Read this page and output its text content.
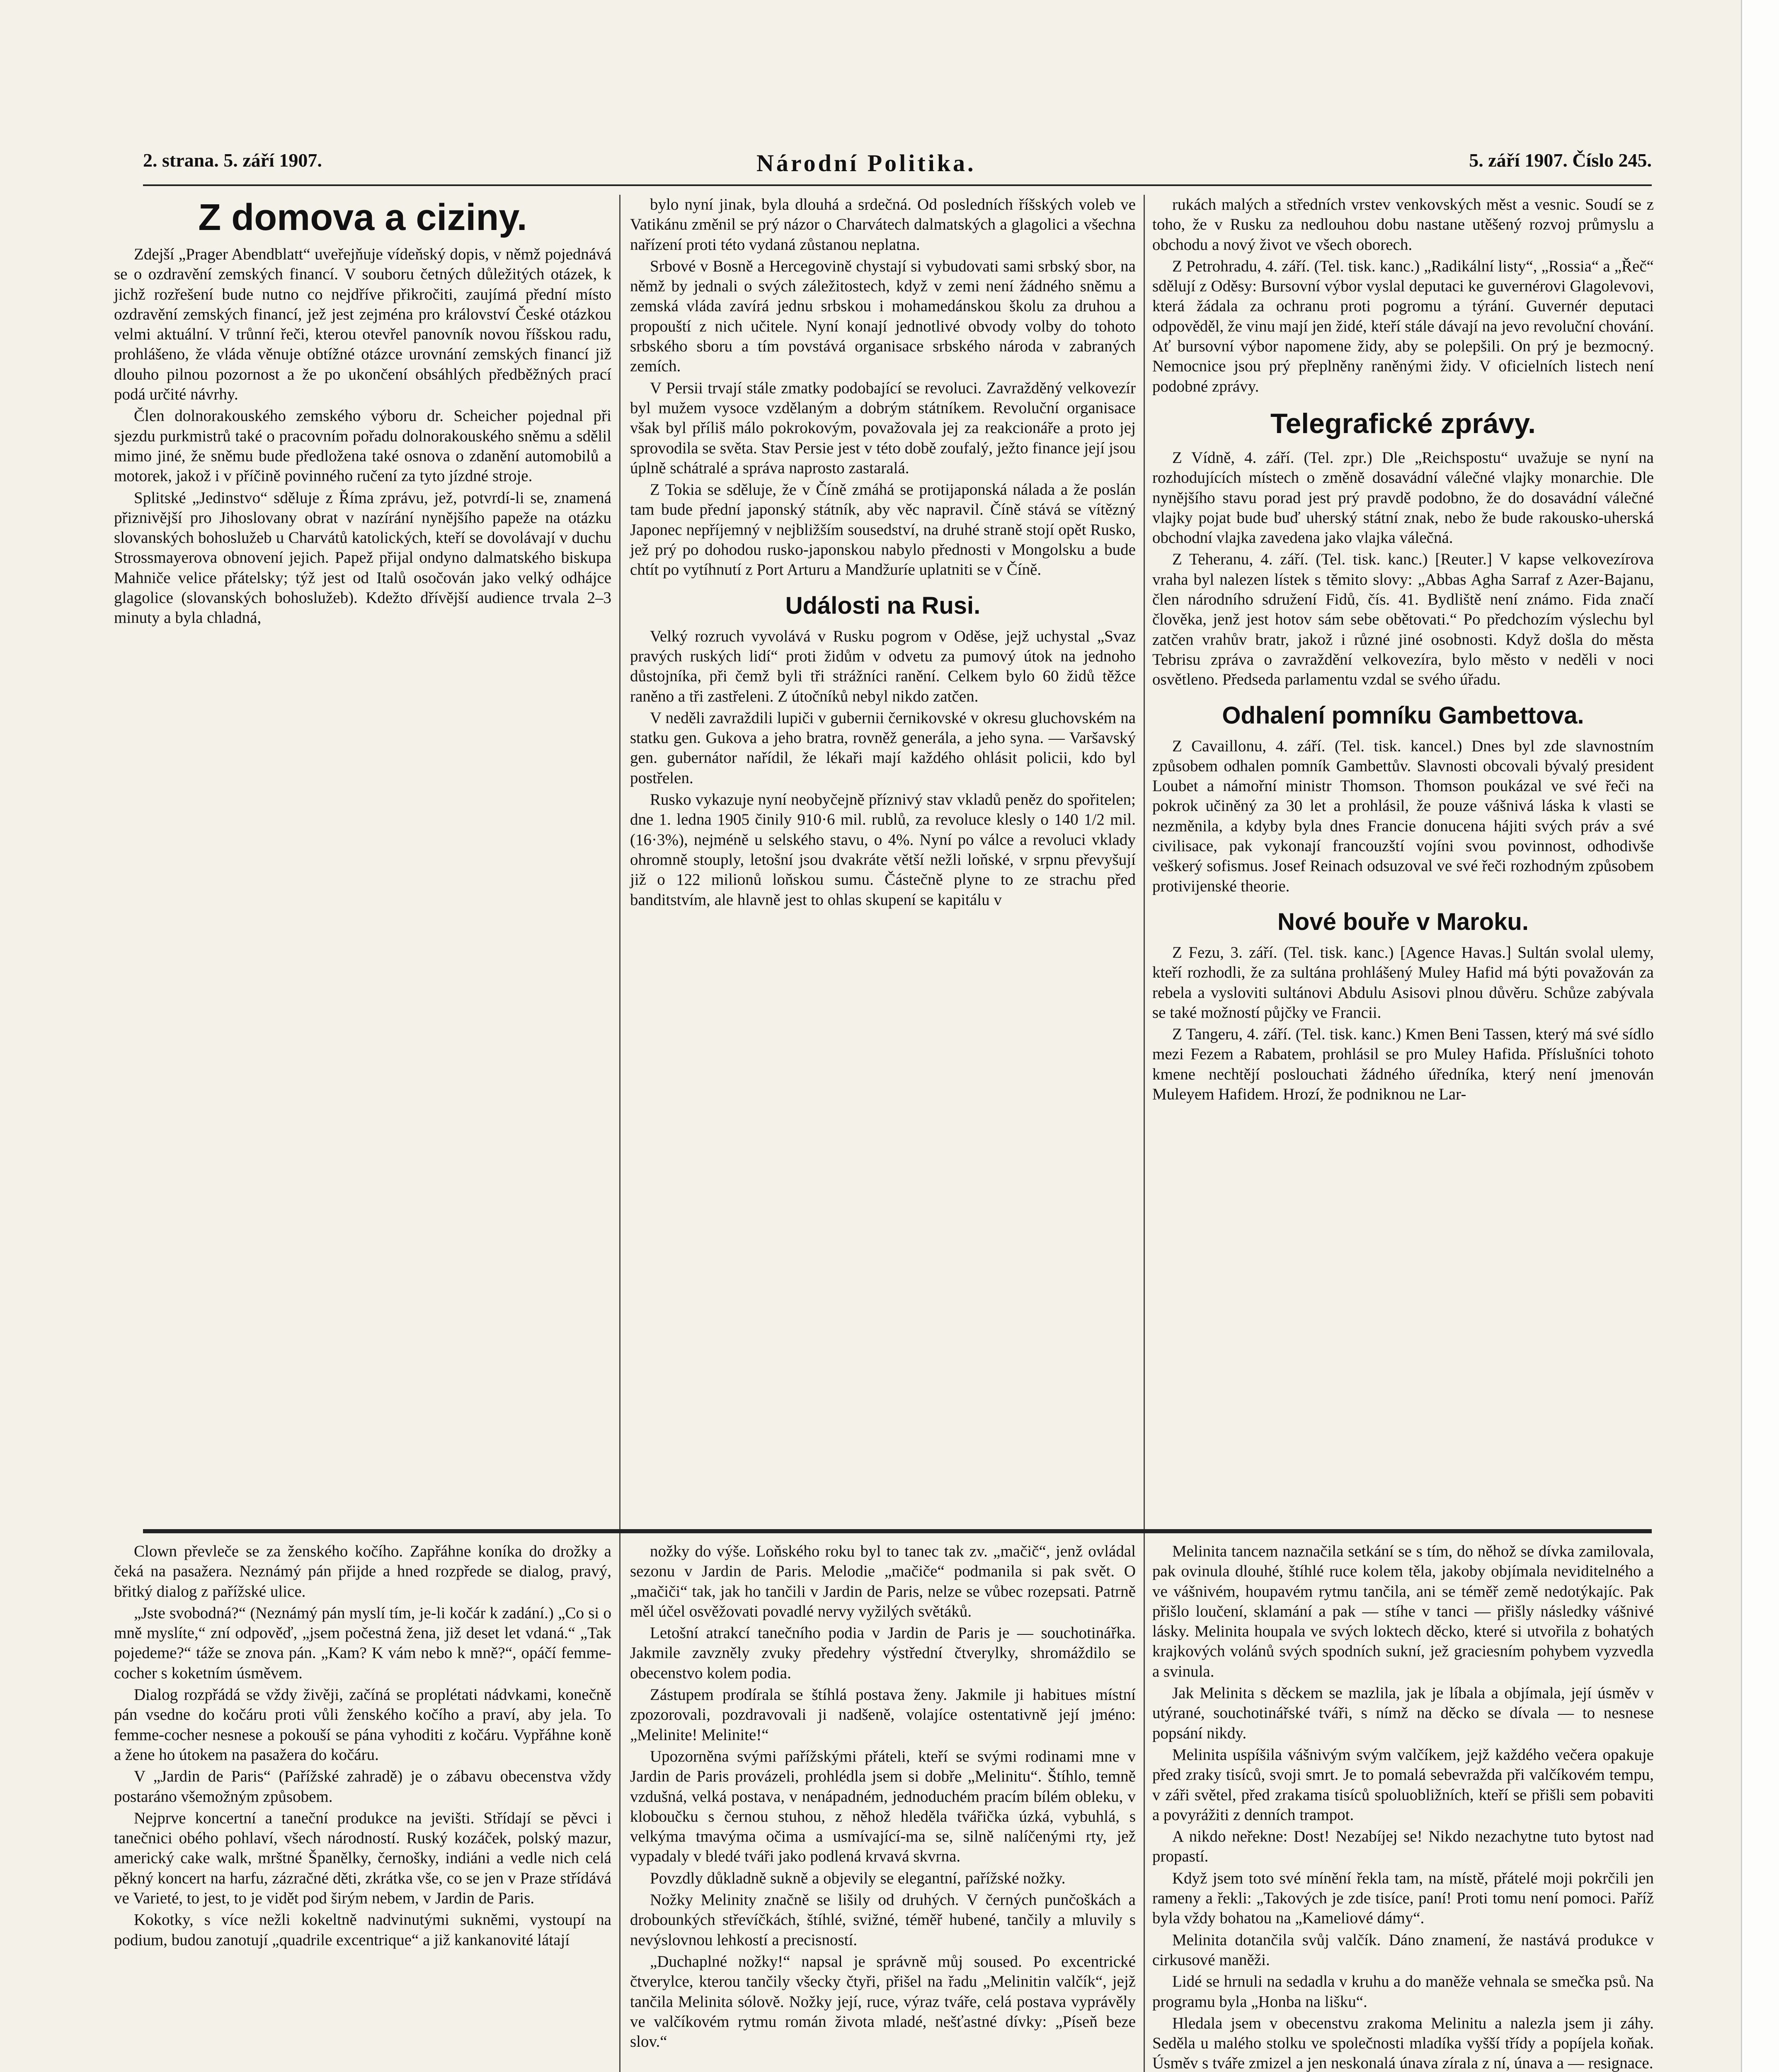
2. strana. 5. září 1907.	Národní Politika.	5. září 1907. Číslo 245.
Z domova a ciziny.

Zdejší „Prager Abendblatt“ uveřejňuje vídeňský dopis, v němž pojednává se o ozdravění zemských financí. V souboru četných důležitých otázek, k jichž rozřešení bude nutno co nejdříve přikročiti, zaujímá přední místo ozdravění zemských financí, jež jest zejména pro království České otázkou velmi aktuální. V trůnní řeči, kterou otevřel panovník novou říšskou radu, prohlášeno, že vláda věnuje obtížné otázce urovnání zemských financí již dlouho pilnou pozornost a že po ukončení obsáhlých předběžných prací podá určité návrhy.

Člen dolnorakouského zemského výboru dr. Scheicher pojednal při sjezdu purkmistrů také o pracovním pořadu dolnorakouského sněmu a sdělil mimo jiné, že sněmu bude předložena také osnova o zdanění automobilů a motorek, jakož i v příčině povinného ručení za tyto jízdné stroje.

Splitské „Jedinstvo“ sděluje z Říma zprávu, jež, potvrdí-li se, znamená přiznivější pro Jihoslovany obrat v nazírání nynějšího papeže na otázku slovanských bohoslužeb u Charvátů katolických, kteří se dovolávají v duchu Strossmayerova obnovení jejich. Papež přijal ondyno dalmatského biskupa Mahniče velice přátelsky; týž jest od Italů osočován jako velký odhájce glagolice (slovanských bohoslužeb). Kdežto dřívější audience trvala 2–3 minuty a byla chladná,

bylo nyní jinak, byla dlouhá a srdečná. Od posledních říšských voleb ve Vatikánu změnil se prý názor o Charvátech dalmatských a glagolici a všechna nařízení proti této vydaná zůstanou neplatna.

Srbové v Bosně a Hercegovině chystají si vybudovati sami srbský sbor, na němž by jednali o svých záležitostech, když v zemi není žádného sněmu a zemská vláda zavírá jednu srbskou i mohamedánskou školu za druhou a propouští z nich učitele. Nyní konají jednotlivé obvody volby do tohoto srbského sboru a tím povstává organisace srbského národa v zabraných zemích.

V Persii trvají stále zmatky podobající se revoluci. Zavražděný velkovezír byl mužem vysoce vzdělaným a dobrým státníkem. Revoluční organisace však byl příliš málo pokrokovým, považovala jej za reakcionáře a proto jej sprovodila se světa. Stav Persie jest v této době zoufalý, ježto finance její jsou úplně schátralé a správa naprosto zastaralá.

Z Tokia se sděluje, že v Číně zmáhá se protijaponská nálada a že poslán tam bude přední japonský státník, aby věc napravil. Číně stává se vítězný Japonec nepříjemný v nejbližším sousedství, na druhé straně stojí opět Rusko, jež prý po dohodou rusko-japonskou nabylo přednosti v Mongolsku a bude chtít po vytíhnutí z Port Arturu a Mandžuríe uplatniti se v Číně.

Události na Rusi.

Velký rozruch vyvolává v Rusku pogrom v Oděse, jejž uchystal „Svaz pravých ruských lidí“ proti židům v odvetu za pumový útok na jednoho důstojníka, při čemž byli tři strážníci ranění. Celkem bylo 60 židů těžce raněno a tři zastřeleni. Z útočníků nebyl nikdo zatčen.

V neděli zavraždili lupiči v guberniі černikovské v okresu gluchovském na statku gen. Gukova a jeho bratra, rovněž generála, a jeho syna. — Varšavský gen. gubernátor nařídil, že lékaři mají každého ohlásit policii, kdo byl postřelen.

Rusko vykazuje nyní neobyčejně příznivý stav vkladů peněz do spořitelen; dne 1. ledna 1905 činily 910·6 mil. rublů, za revoluce klesly o 140 1/2 mil. (16·3%), nejméně u selského stavu, o 4%. Nyní po válce a revoluci vklady ohromně stouply, letošní jsou dvakráte větší nežli loňské, v srpnu převyšují již o 122 milionů loňskou sumu. Částečně plyne to ze strachu před banditstvím, ale hlavně jest to ohlas skupení se kapitálu v

rukách malých a středních vrstev venkovských měst a vesnic. Soudí se z toho, že v Rusku za nedlouhou dobu nastane utěšený rozvoj průmyslu a obchodu a nový život ve všech oborech.

Z Petrohradu, 4. září. (Tel. tisk. kanc.) „Radikální listy“, „Rossia“ a „Řeč“ sdělují z Oděsy: Bursovní výbor vyslal deputaci ke guvernérovi Glagolevovi, která žádala za ochranu proti pogromu a týrání. Guvernér deputaci odpověděl, že vinu mají jen židé, kteří stále dávají na jevo revoluční chování. Ať bursovní výbor napomene židy, aby se polepšili. On prý je bezmocný. Nemocnice jsou prý přeplněny raněnými židy. V oficielních listech není podobné zprávy.

Telegrafické zprávy.

Z Vídně, 4. září. (Tel. zpr.) Dle „Reichspostu“ uvažuje se nyní na rozhodujících místech o změně dosavádní válečné vlajky monarchie. Dle nynějšího stavu porad jest prý pravdě podobno, že do dosavádní válečné vlajky pojat bude buď uherský státní znak, nebo že bude rakousko-uherská obchodní vlajka zavedena jako vlajka válečná.

Z Teheranu, 4. září. (Tel. tisk. kanc.) [Reuter.] V kapse velkovezírova vraha byl nalezen lístek s těmito slovy: „Abbas Agha Sarraf z Azer-Bajanu, člen národního sdružení Fidů, čís. 41. Bydliště není známo. Fida značí člověka, jenž jest hotov sám sebe obětovati.“ Po předchozím výslechu byl zatčen vrahův bratr, jakož i různé jiné osobnosti. Když došla do města Tebrisu zpráva o zavraždění velkovezíra, bylo město v neděli v noci osvětleno. Předseda parlamentu vzdal se svého úřadu.

Odhalení pomníku Gambettova.

Z Cavaillonu, 4. září. (Tel. tisk. kancel.) Dnes byl zde slavnostním způsobem odhalen pomník Gambettův. Slavnosti obcovali bývalý president Loubet a námořní ministr Thomson. Thomson poukázal ve své řeči na pokrok učiněný za 30 let a prohlásil, že pouze vášnivá láska k vlasti se nezměnila, a kdyby byla dnes Francie donucena hájiti svých práv a své civilisace, pak vykonají francouzští vojíni svou povinnost, odhodivše veškerý sofismus. Josef Reinach odsuzoval ve své řeči rozhodným způsobem protiviјenské theorie.

Nové bouře v Maroku.

Z Fezu, 3. září. (Tel. tisk. kanc.) [Agence Havas.] Sultán svolal ulemy, kteří rozhodli, že za sultána prohlášený Muley Hafid má býti považován za rebela a vysloviti sultánovi Abdulu Asisovi plnou důvěru. Schůze zabývala se také možností půjčky ve Francii.

Z Tangeru, 4. září. (Tel. tisk. kanc.) Kmen Beni Tassen, který má své sídlo mezi Fezem a Rabatem, prohlásil se pro Muley Hafida. Příslušníci tohoto kmene nechtějí poslouchati žádného úředníka, který není jmenován Muleyem Hafidem. Hrozí, že podniknou ne Lar-

Clown převleče se za ženského kočího. Zapřáhne koníka do drožky a čeká na pasažera. Neznámý pán přijde a hned rozpřede se dialog, pravý, břitký dialog z pařížské ulice.

„Jste svobodná?“ (Neznámý pán myslí tím, je-li kočár k zadání.) „Co si o mně myslíte,“ zní odpověď, „jsem počestná žena, již deset let vdaná.“ „Tak pojedeme?“ táže se znova pán. „Kam? K vám nebo k mně?“, opáčí femme-cocher s koketním úsměvem.

Dialog rozpřádá se vždy živěji, začíná se proplétati nádvkami, konečně pán vsedne do kočáru proti vůli ženského kočího a praví, aby jela. To femme-cocher nesnese a pokouší se pána vyhoditi z kočáru. Vypřáhne koně a žene ho útokem na pasažera do kočáru.

V „Jardin de Paris“ (Pařížské zahradě) je o zábavu obecenstva vždy postaráno všemožným způsobem.

Nejprve koncertní a taneční produkce na jevišti. Střídají se pěvci i tanečnici obého pohlaví, všech národností. Ruský kozáček, polský mazur, americký cake walk, mrštné Španělky, černošky, indiáni a vedle nich celá pěkný koncert na harfu, zázračné děti, zkrátka vše, co se jen v Praze střídává ve Varieté, to jest, to je vidět pod širým nebem, v Jardin de Paris.

Kokotky, s více nežli kokeltně nadvinutými sukněmi, vystoupí na podium, budou zanotují „quadrile excentrique“ a již kankanovité látají

nožky do výše. Loňského roku byl to tanec tak zv. „mačič“, jenž ovládal sezonu v Jardin de Paris. Melodie „mačiče“ podmanila si pak svět. O „mačiči“ tak, jak ho tančili v Jardin de Paris, nelze se vůbec rozepsati. Patrně měl účel osvěžovati povadlé nervy vyžilých světáků.

Letošní atrakcí tanečního podia v Jardin de Paris je — souchotinářka. Jakmile zavzněly zvuky předehry výstřední čtverylky, shromáždilo se obecenstvo kolem podia.

Zástupem prodírala se štíhlá postava ženy. Jakmile ji habitues místní zpozorovali, pozdravovali ji nadšeně, volajíce ostentativně její jméno: „Melinite! Melinite!“

Upozorněna svými pařížskými přáteli, kteří se svými rodinami mne v Jardin de Paris provázeli, prohlédla jsem si dobře „Melinitu“. Štíhlo, temně vzdušná, velká postava, v nenápadném, jednoduchém pracím bílém obleku, v kloboučku s černou stuhou, z něhož hleděla tvářička úzká, vybuhlá, s velkýma tmavýma očima a usmívající-ma se, silně nalíčenými rty, jež vypadaly v bledé tváři jako podlená krvavá skvrna.

Povzdly důkladně sukně a objevily se elegantní, pařížské nožky.

Nožky Melinity značně se lišily od druhých. V černých punčoškách a drobounkých střevíčkách, štíhlé, svižné, téměř hubené, tančily a mluvily s nevýslovnou lehkostí a precisností.

„Duchaplné nožky!“ napsal je správně můj soused. Po excentrické čtverylce, kterou tančily všecky čtyři, přišel na řadu „Melinitin valčík“, jejž tančila Melinita sólově. Nožky její, ruce, výraz tváře, celá postava vyprávěly ve valčíkovém rytmu román života mladé, nešťastné dívky: „Píseň beze slov.“

Melinita tancem naznačila setkání se s tím, do něhož se dívka zamilovala, pak ovinula dlouhé, štíhlé ruce kolem těla, jakoby objímala neviditelného a ve vášnivém, houpavém rytmu tančila, ani se téměř země nedotýkajíc. Pak přišlo loučení, sklamání a pak — stíhe v tanci — přišly následky vášnivé lásky. Melinita houpala ve svých loktech děcko, které si utvořila z bohatých krajkových volánů svých spodních sukní, jež graciesním pohybem vyzvedla a svinula.

Jak Melinita s děckem se mazlila, jak je líbala a objímala, její úsměv v utýrané, souchotinářské tváři, s nímž na děcko se dívala — to nesnese popsání nikdy.

Melinita uspíšila vášnivým svým valčíkem, jejž každého večera opakuje před zraky tisíců, svoji smrt. Je to pomalá sebevražda při valčíkovém tempu, v záři světel, před zrakama tisíců spoluobližních, kteří se přišli sem pobaviti a povyrážiti z denních trampot.

A nikdo neřekne: Dost! Nezabíjej se! Nikdo nezachytne tuto bytost nad propastí.

Když jsem toto své mínění řekla tam, na místě, přátelé moji pokrčili jen rameny a řekli: „Takových je zde tisíce, paní! Proti tomu není pomoci. Paříž byla vždy bohatou na „Kameliové dámy“.

Melinita dotančila svůj valčík. Dáno znamení, že nastává produkce v cirkusové maněži.

Lidé se hrnuli na sedadla v kruhu a do maněže vehnala se smečka psů. Na programu byla „Honba na lišku“.

Hledala jsem v obecenstvu zrakoma Melinitu a nalezla jsem ji záhy. Seděla u malého stolku ve společnosti mladíka vyšší třídy a popíjela koňak. Úsměv s tváře zmizel a jen neskonalá únava zírala z ní, únava a — resignace.
